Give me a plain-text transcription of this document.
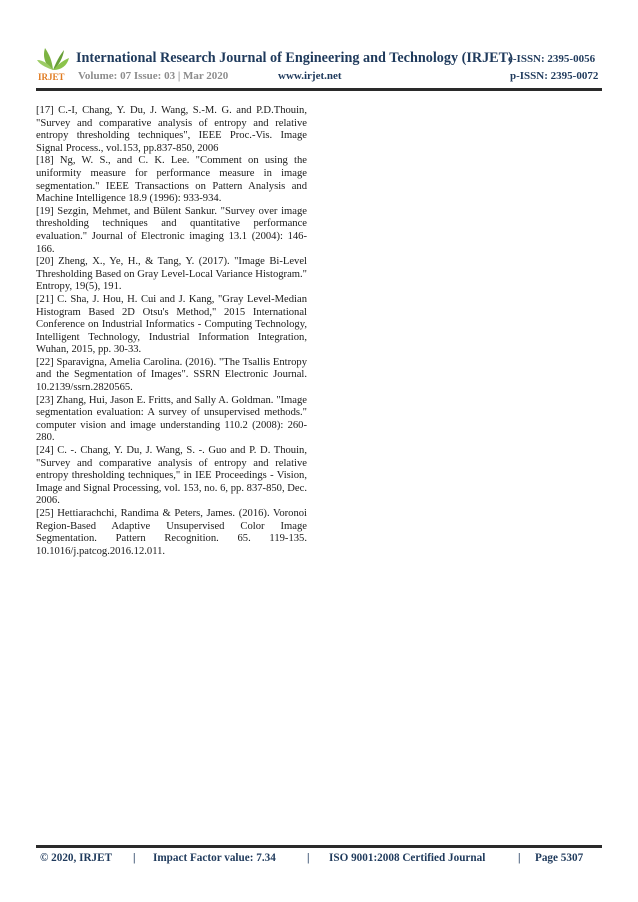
IRJET
International Research Journal of Engineering and Technology (IRJET)
Volume: 07 Issue: 03 | Mar 2020	www.irjet.net
e-ISSN: 2395-0056
p-ISSN: 2395-0072

[17] C.-I, Chang, Y. Du, J. Wang, S.-M. G. and P.D.Thouin, "Survey and comparative analysis of entropy and relative entropy thresholding techniques", IEEE Proc.-Vis. Image Signal Process., vol.153, pp.837-850, 2006

[18] Ng, W. S., and C. K. Lee. "Comment on using the uniformity measure for performance measure in image segmentation." IEEE Transactions on Pattern Analysis and Machine Intelligence 18.9 (1996): 933-934.

[19] Sezgin, Mehmet, and Bülent Sankur. "Survey over image thresholding techniques and quantitative performance evaluation." Journal of Electronic imaging 13.1 (2004): 146-166.

[20] Zheng, X., Ye, H., & Tang, Y. (2017). "Image Bi-Level Thresholding Based on Gray Level-Local Variance Histogram." Entropy, 19(5), 191.

[21] C. Sha, J. Hou, H. Cui and J. Kang, "Gray Level-Median Histogram Based 2D Otsu's Method," 2015 International Conference on Industrial Informatics - Computing Technology, Intelligent Technology, Industrial Information Integration, Wuhan, 2015, pp. 30-33.

[22] Sparavigna, Amelia Carolina. (2016). "The Tsallis Entropy and the Segmentation of Images". SSRN Electronic Journal. 10.2139/ssrn.2820565.

[23] Zhang, Hui, Jason E. Fritts, and Sally A. Goldman. "Image segmentation evaluation: A survey of unsupervised methods." computer vision and image understanding 110.2 (2008): 260-280.

[24] C. -. Chang, Y. Du, J. Wang, S. -. Guo and P. D. Thouin, "Survey and comparative analysis of entropy and relative entropy thresholding techniques," in IEE Proceedings - Vision, Image and Signal Processing, vol. 153, no. 6, pp. 837-850, Dec. 2006.

[25] Hettiarachchi, Randima & Peters, James. (2016). Voronoi Region-Based Adaptive Unsupervised Color Image Segmentation. Pattern Recognition. 65. 119-135. 10.1016/j.patcog.2016.12.011.

© 2020, IRJET | Impact Factor value: 7.34	| ISO 9001:2008 Certified Journal	| Page 5307
